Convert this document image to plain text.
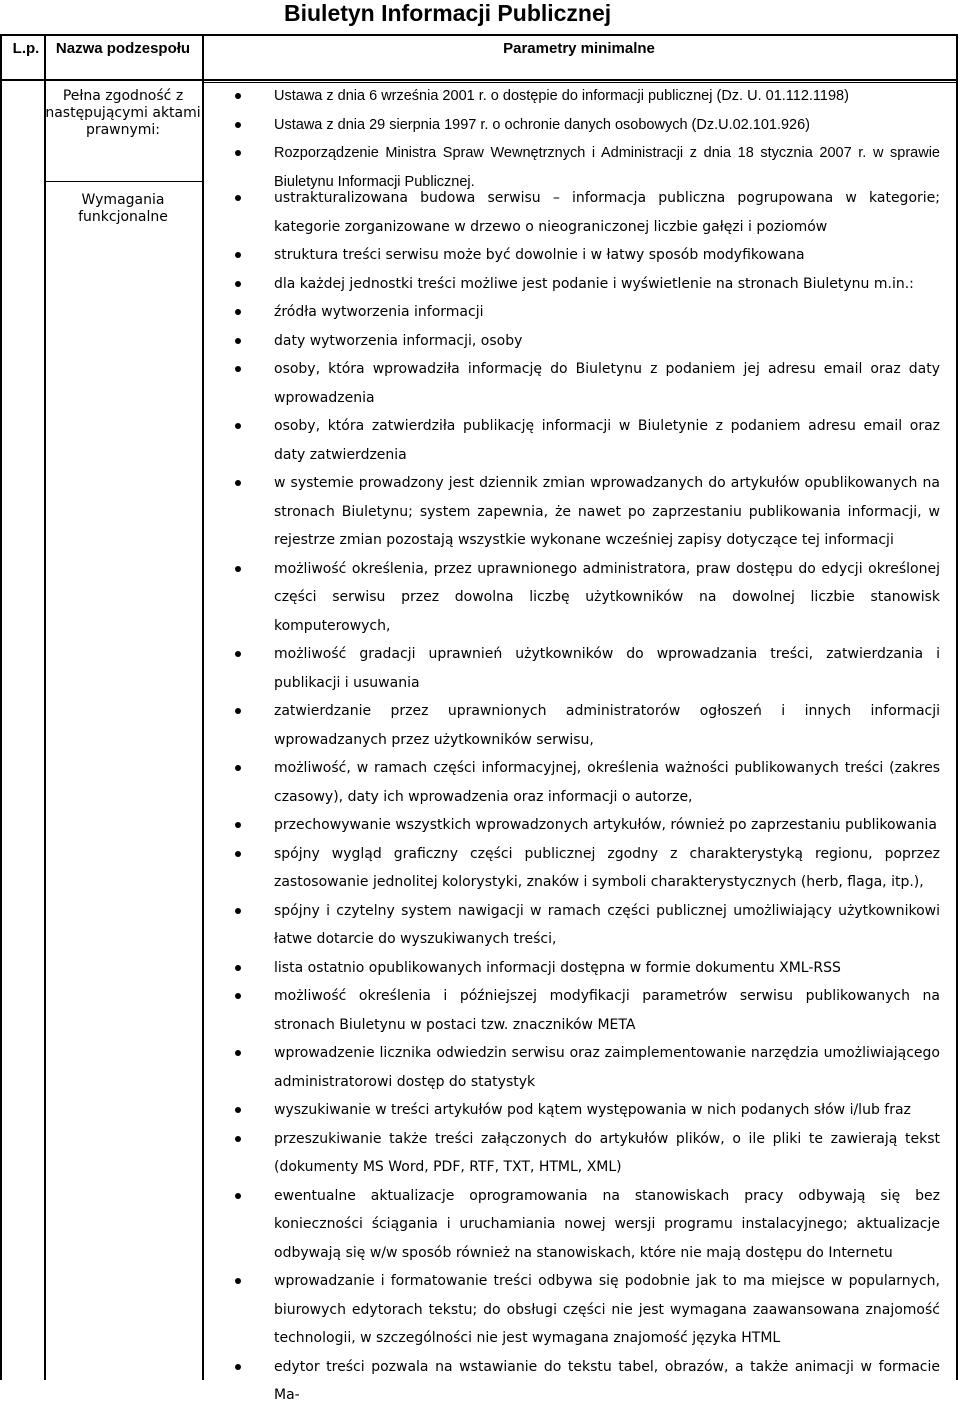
Biuletyn Informacji Publicznej
L.p.	Nazwa podzespołu	Parametry minimalne
Pełna zgodność z następującymi aktami prawnymi:
Wymagania funkcjonalne
Ustawa z dnia 6 września 2001 r. o dostępie do informacji publicznej (Dz. U. 01.112.1198)
Ustawa z dnia 29 sierpnia 1997 r. o ochronie danych osobowych (Dz.U.02.101.926)
Rozporządzenie Ministra Spraw Wewnętrznych i Administracji z dnia 18 stycznia 2007 r. w sprawie Biuletynu Informacji Publicznej.
ustrakturalizowana budowa serwisu – informacja publiczna pogrupowana w kategorie; kategorie zorganizowane w drzewo o nieograniczonej liczbie gałęzi i poziomów
struktura treści serwisu może być dowolnie i w łatwy sposób modyfikowana
dla każdej jednostki treści możliwe jest podanie i wyświetlenie na stronach Biuletynu m.in.:
źródła wytworzenia informacji
daty wytworzenia informacji, osoby
osoby, która wprowadziła informację do Biuletynu z podaniem jej adresu email oraz daty wprowadzenia
osoby, która zatwierdziła publikację informacji w Biuletynie z podaniem adresu email oraz daty zatwierdzenia
w systemie prowadzony jest dziennik zmian wprowadzanych do artykułów opublikowanych na stronach Biuletynu; system zapewnia, że nawet po zaprzestaniu publikowania informacji, w rejestrze zmian pozostają wszystkie wykonane wcześniej zapisy dotyczące tej informacji
możliwość określenia, przez uprawnionego administratora, praw dostępu do edycji określonej części serwisu przez dowolna liczbę użytkowników na dowolnej liczbie stanowisk komputerowych,
możliwość gradacji uprawnień użytkowników do wprowadzania treści, zatwierdzania i publikacji i usuwania
zatwierdzanie przez uprawnionych administratorów ogłoszeń i innych informacji wprowadzanych przez użytkowników serwisu,
możliwość, w ramach części informacyjnej, określenia ważności publikowanych treści (zakres czasowy), daty ich wprowadzenia oraz informacji o autorze,
przechowywanie wszystkich wprowadzonych artykułów, również po zaprzestaniu publikowania
spójny wygląd graficzny części publicznej zgodny z charakterystyką regionu, poprzez zastosowanie jednolitej kolorystyki, znaków i symboli charakterystycznych (herb, flaga, itp.),
spójny i czytelny system nawigacji w ramach części publicznej umożliwiający użytkownikowi łatwe dotarcie do wyszukiwanych treści,
lista ostatnio opublikowanych informacji dostępna w formie dokumentu XML-RSS
możliwość określenia i późniejszej modyfikacji parametrów serwisu publikowanych na stronach Biuletynu w postaci tzw. znaczników META
wprowadzenie licznika odwiedzin serwisu oraz zaimplementowanie narzędzia umożliwiającego administratorowi dostęp do statystyk
wyszukiwanie w treści artykułów pod kątem występowania w nich podanych słów i/lub fraz
przeszukiwanie także treści załączonych do artykułów plików, o ile pliki te zawierają tekst (dokumenty MS Word, PDF, RTF, TXT, HTML, XML)
ewentualne aktualizacje oprogramowania na stanowiskach pracy odbywają się bez konieczności ściągania i uruchamiania nowej wersji programu instalacyjnego; aktualizacje odbywają się w/w sposób również na stanowiskach, które nie mają dostępu do Internetu
wprowadzanie i formatowanie treści odbywa się podobnie jak to ma miejsce w popularnych, biurowych edytorach tekstu; do obsługi części nie jest wymagana zaawansowana znajomość technologii, w szczególności nie jest wymagana znajomość języka HTML
edytor treści pozwala na wstawianie do tekstu tabel, obrazów, a także animacji w formacie Ma-
